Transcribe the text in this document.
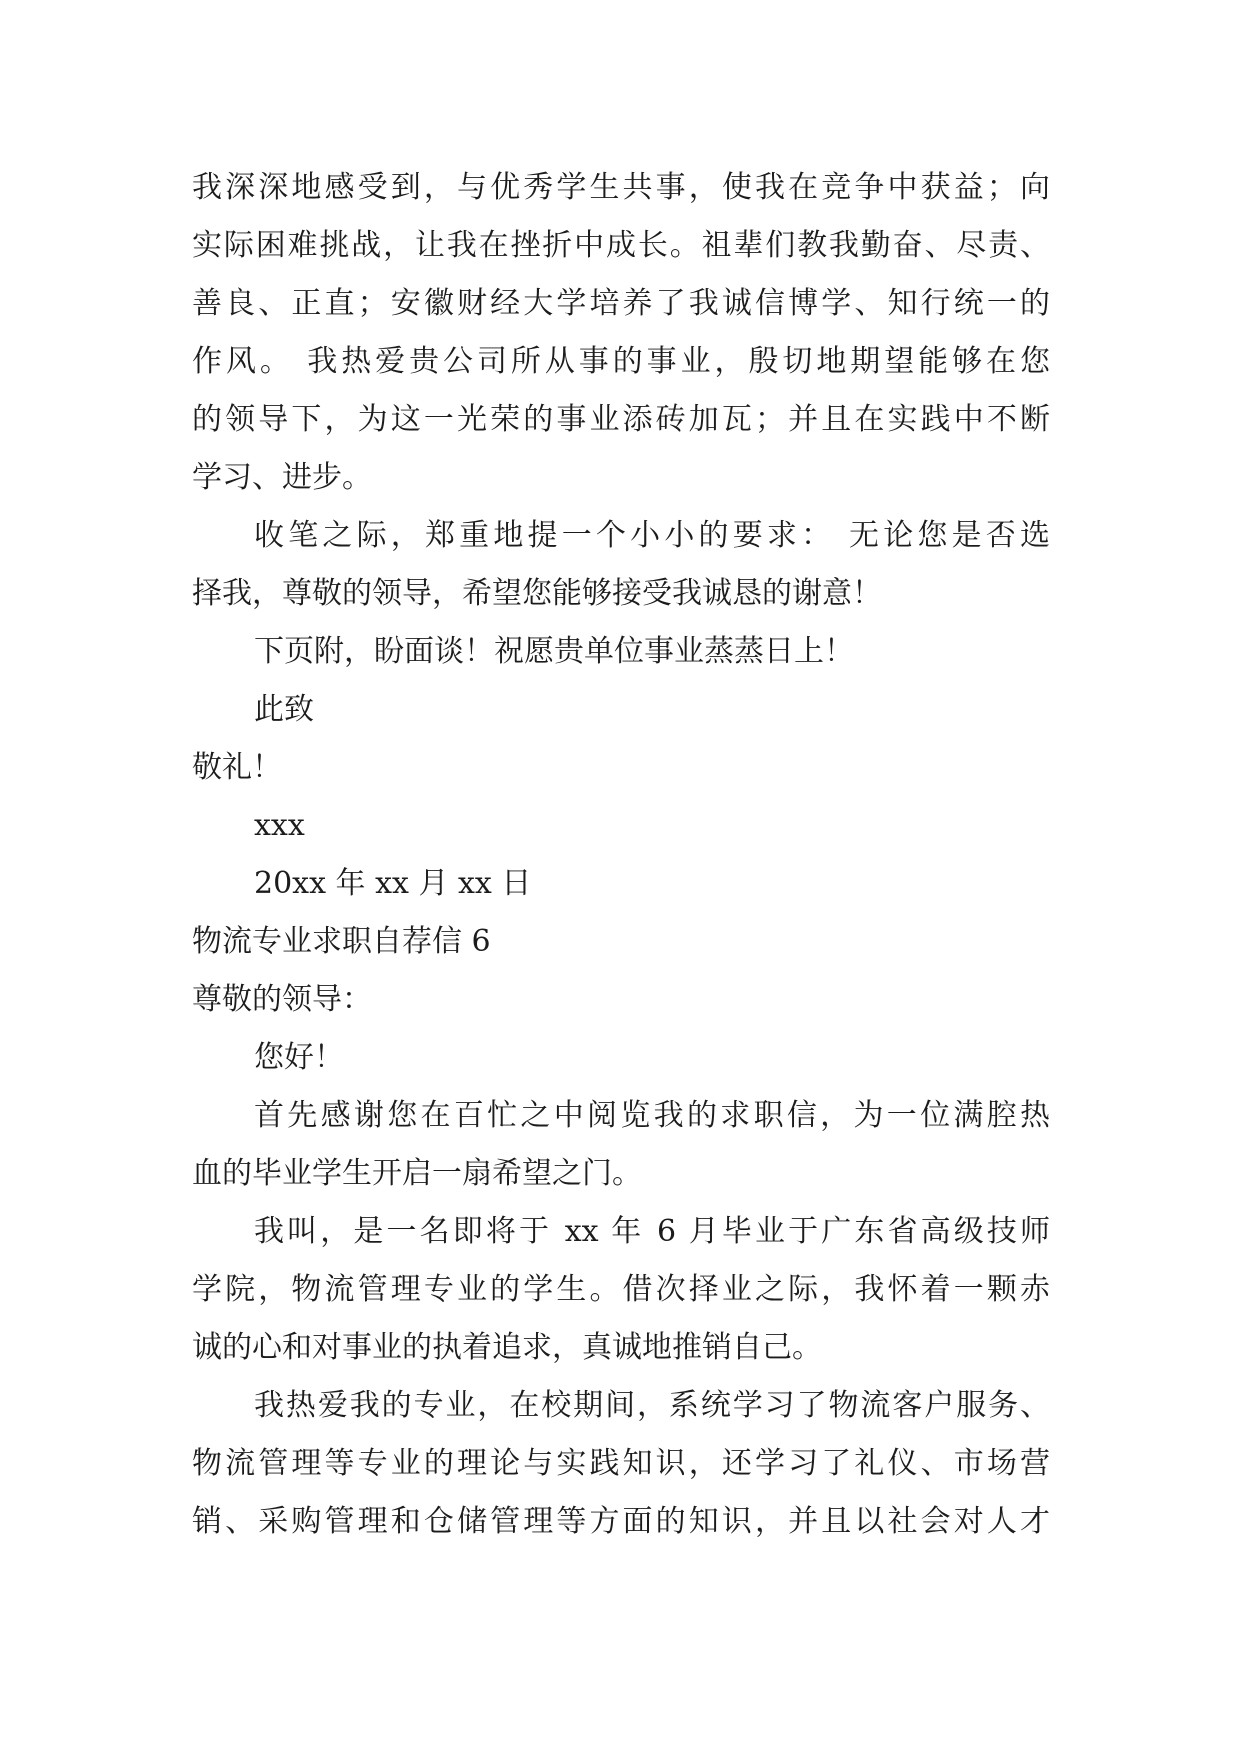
我深深地感受到，与优秀学生共事，使我在竞争中获益；向
实际困难挑战，让我在挫折中成长。祖辈们教我勤奋、尽责、
善良、正直；安徽财经大学培养了我诚信博学、知行统一的
作风。 我热爱贵公司所从事的事业，殷切地期望能够在您
的领导下，为这一光荣的事业添砖加瓦；并且在实践中不断
学习、进步。
收笔之际，郑重地提一个小小的要求： 无论您是否选
择我，尊敬的领导，希望您能够接受我诚恳的谢意！
下页附，盼面谈！祝愿贵单位事业蒸蒸日上！
此致
敬礼！
xxx
20xx 年 xx 月 xx 日
物流专业求职自荐信 6
尊敬的领导：
您好！
首先感谢您在百忙之中阅览我的求职信，为一位满腔热
血的毕业学生开启一扇希望之门。
我叫，是一名即将于 xx 年 6 月毕业于广东省高级技师
学院，物流管理专业的学生。借次择业之际，我怀着一颗赤
诚的心和对事业的执着追求，真诚地推销自己。
我热爱我的专业，在校期间，系统学习了物流客户服务、
物流管理等专业的理论与实践知识，还学习了礼仪、市场营
销、采购管理和仓储管理等方面的知识，并且以社会对人才
